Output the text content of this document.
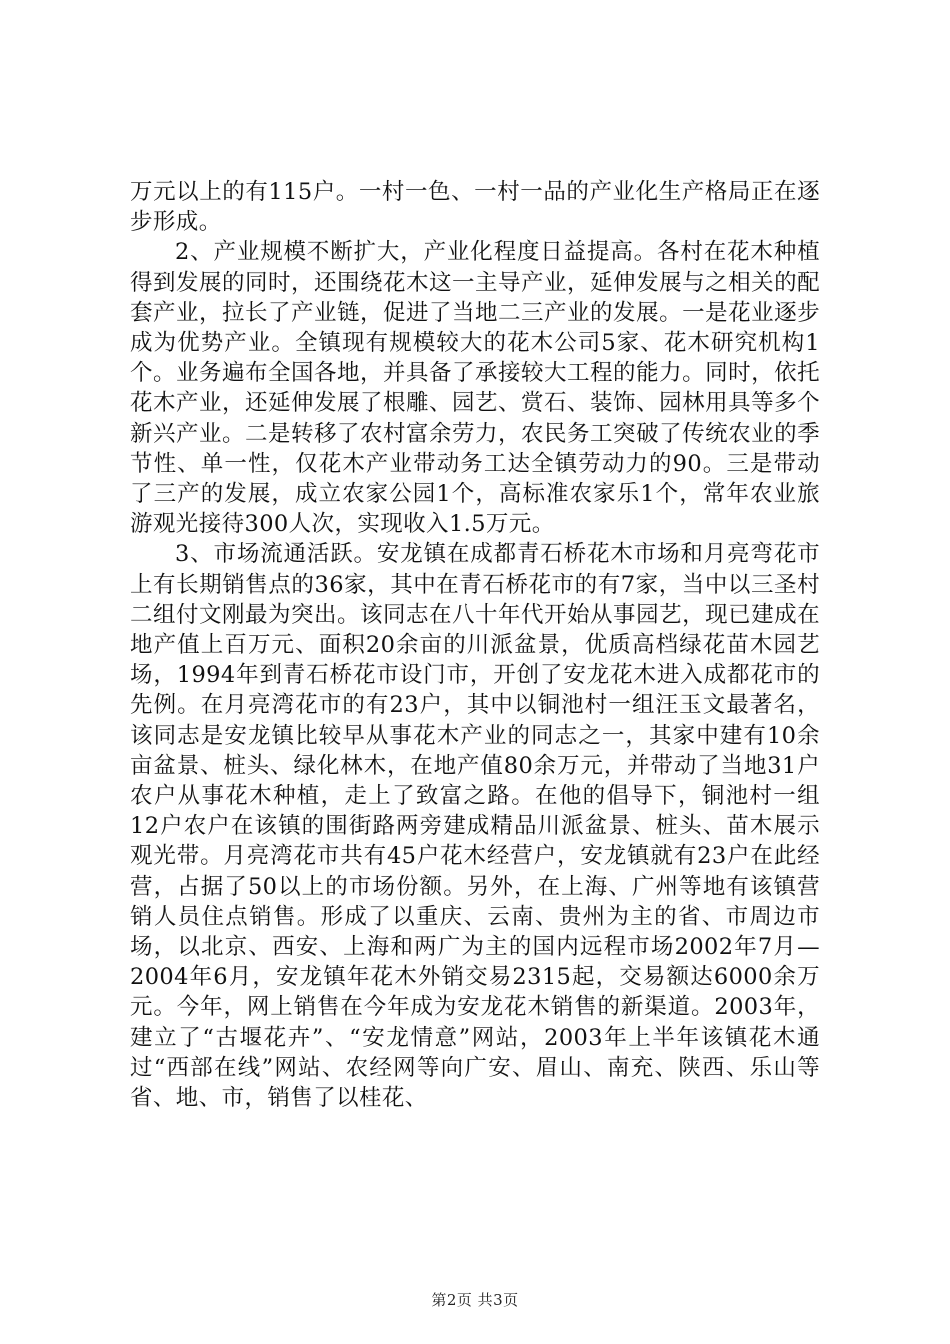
万元以上的有115户。一村一色、一村一品的产业化生产格局正在逐步形成。

2、产业规模不断扩大，产业化程度日益提高。各村在花木种植得到发展的同时，还围绕花木这一主导产业，延伸发展与之相关的配套产业，拉长了产业链，促进了当地二三产业的发展。一是花业逐步成为优势产业。全镇现有规模较大的花木公司5家、花木研究机构1个。业务遍布全国各地，并具备了承接较大工程的能力。同时，依托花木产业，还延伸发展了根雕、园艺、赏石、装饰、园林用具等多个新兴产业。二是转移了农村富余劳力，农民务工突破了传统农业的季节性、单一性，仅花木产业带动务工达全镇劳动力的90。三是带动了三产的发展，成立农家公园1个，高标准农家乐1个，常年农业旅游观光接待300人次，实现收入1.5万元。

3、市场流通活跃。安龙镇在成都青石桥花木市场和月亮弯花市上有长期销售点的36家，其中在青石桥花市的有7家，当中以三圣村二组付文刚最为突出。该同志在八十年代开始从事园艺，现已建成在地产值上百万元、面积20余亩的川派盆景，优质高档绿花苗木园艺场，1994年到青石桥花市设门市，开创了安龙花木进入成都花市的先例。在月亮湾花市的有23户，其中以铜池村一组汪玉文最著名，该同志是安龙镇比较早从事花木产业的同志之一，其家中建有10余亩盆景、桩头、绿化林木，在地产值80余万元，并带动了当地31户农户从事花木种植，走上了致富之路。在他的倡导下，铜池村一组12户农户在该镇的围街路两旁建成精品川派盆景、桩头、苗木展示观光带。月亮湾花市共有45户花木经营户，安龙镇就有23户在此经营，占据了50以上的市场份额。另外，在上海、广州等地有该镇营销人员住点销售。形成了以重庆、云南、贵州为主的省、市周边市场，以北京、西安、上海和两广为主的国内远程市场2002年7月—2004年6月，安龙镇年花木外销交易2315起，交易额达6000余万元。今年，网上销售在今年成为安龙花木销售的新渠道。2003年，建立了“古堰花卉”、“安龙情意”网站，2003年上半年该镇花木通过“西部在线”网站、农经网等向广安、眉山、南充、陕西、乐山等省、地、市，销售了以桂花、

第2页 共3页
